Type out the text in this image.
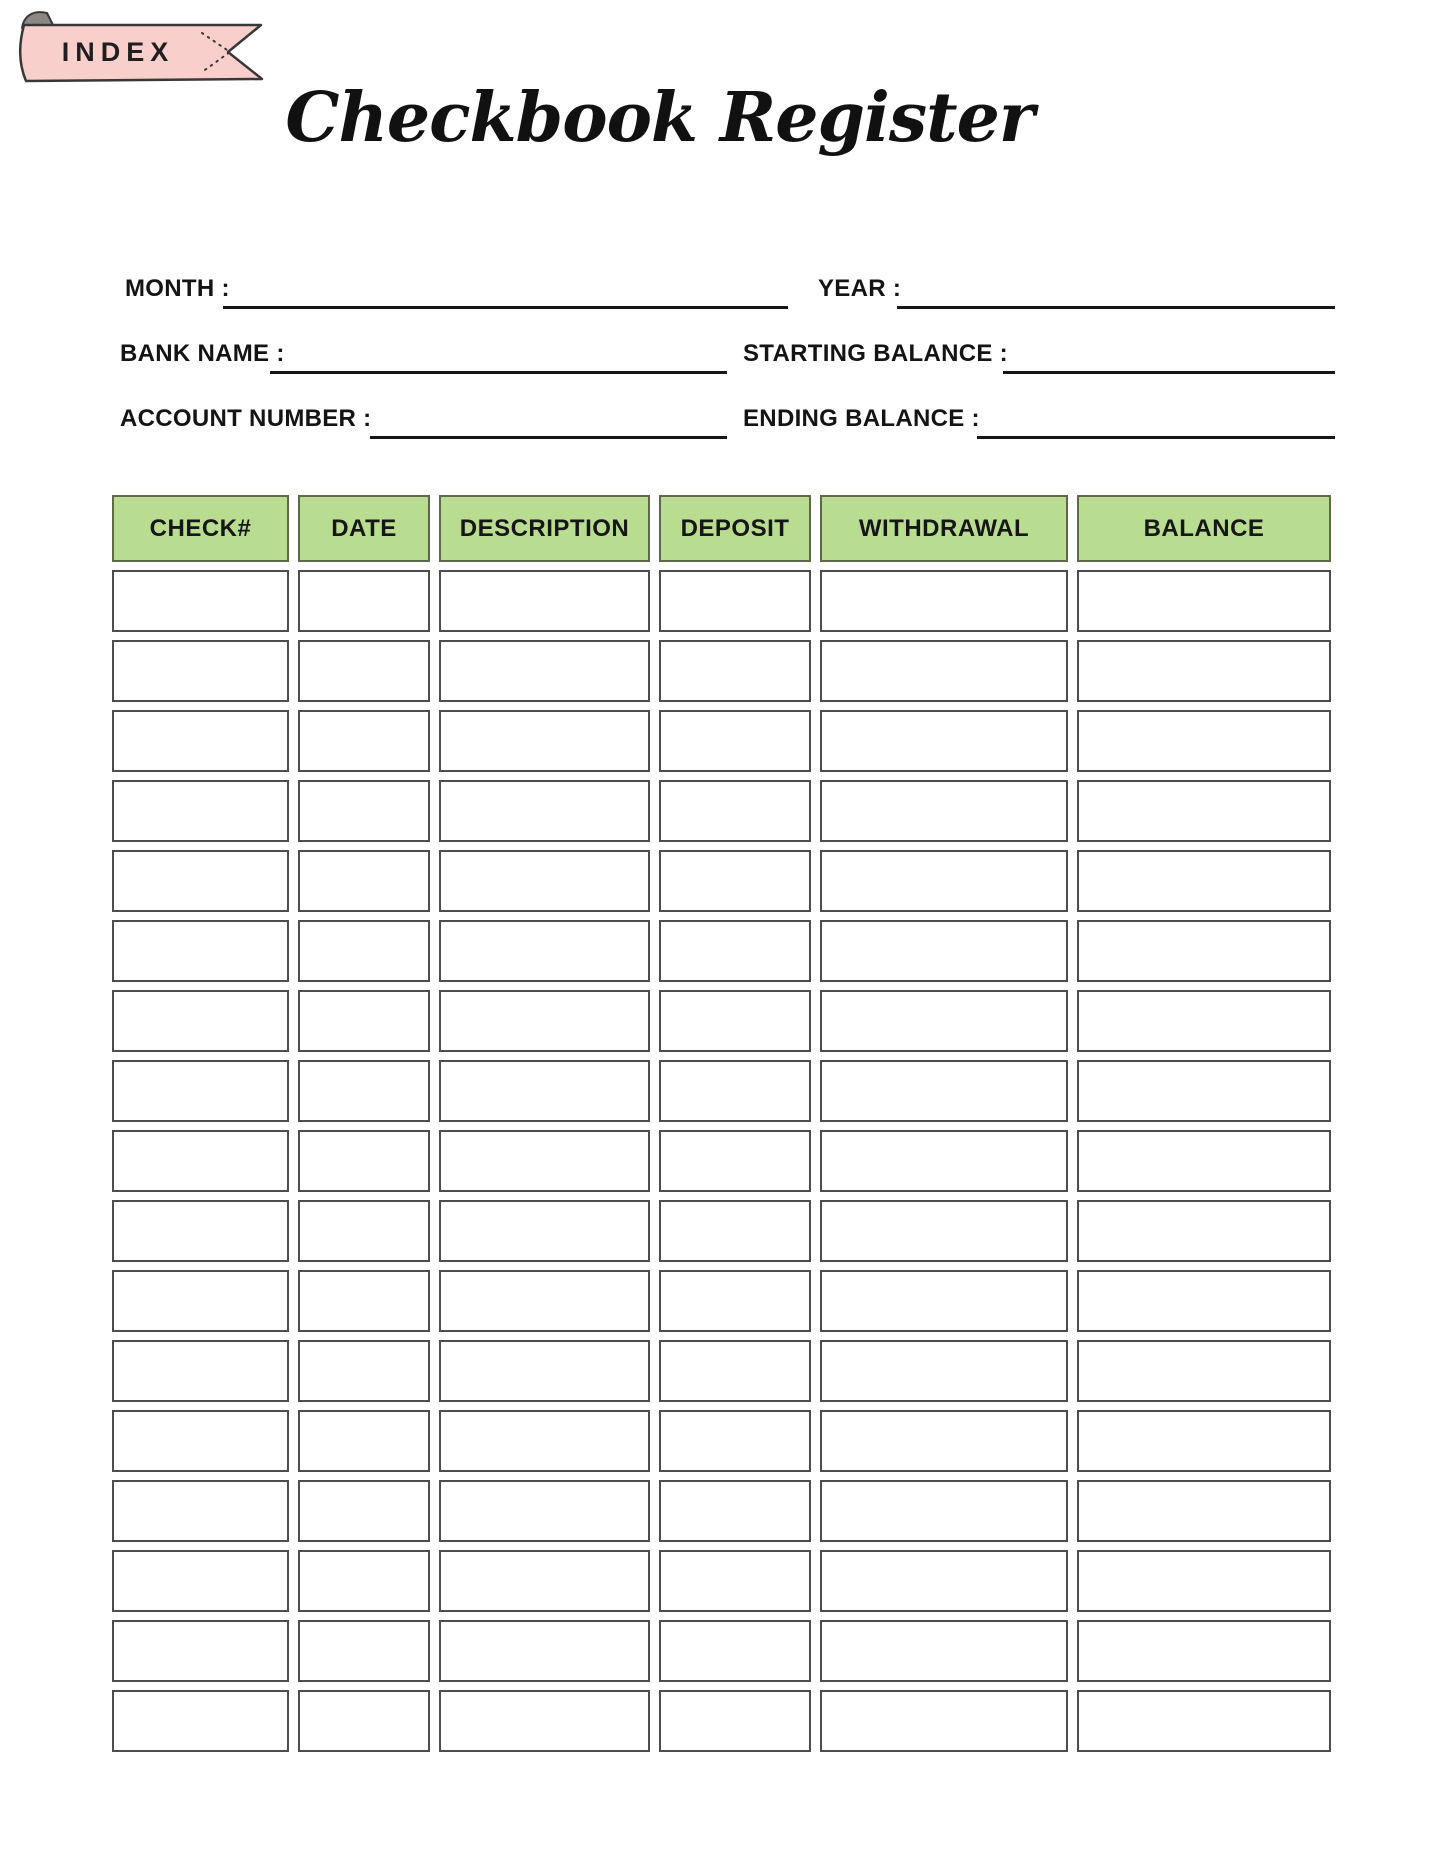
INDEX
Checkbook Register
MONTH :	YEAR :
BANK NAME :	STARTING BALANCE :
ACCOUNT NUMBER :	ENDING BALANCE :
CHECK#	DATE	DESCRIPTION	DEPOSIT	WITHDRAWAL	BALANCE
